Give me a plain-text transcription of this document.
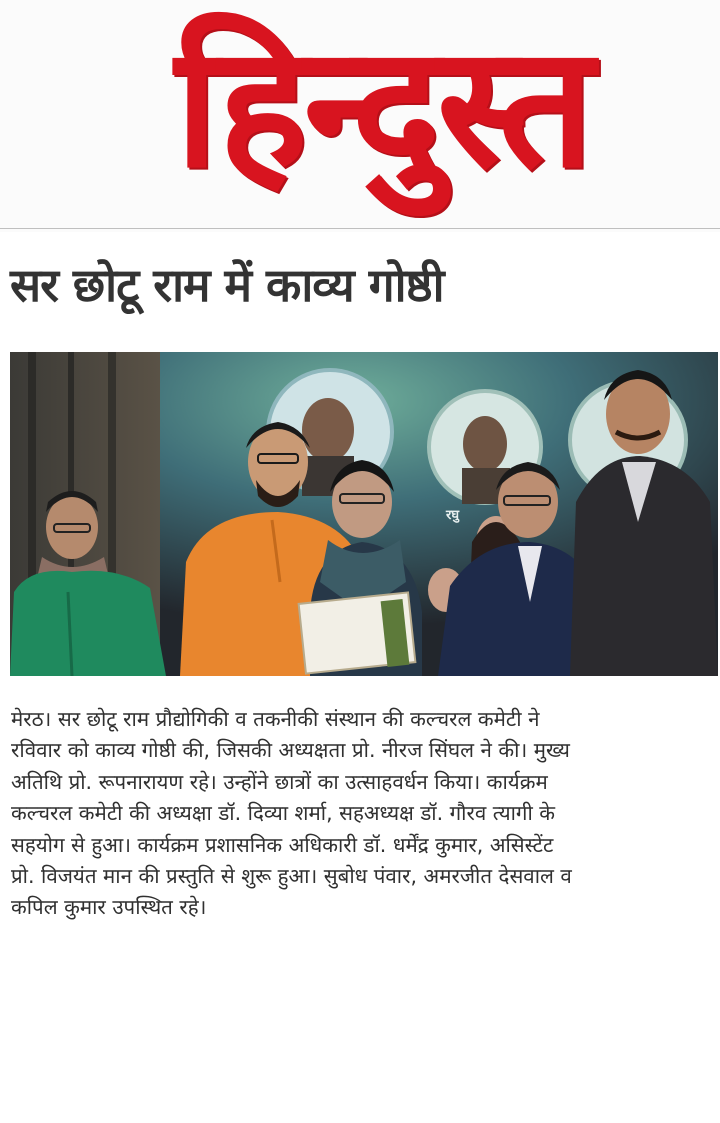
हिन्दुस्त
सर छोटू राम में काव्य गोष्ठी
रघु
मेरठ। सर छोटू राम प्रौद्योगिकी व तकनीकी संस्थान की कल्चरल कमेटी ने
रविवार को काव्य गोष्ठी की, जिसकी अध्यक्षता प्रो. नीरज सिंघल ने की। मुख्य
अतिथि प्रो. रूपनारायण रहे। उन्होंने छात्रों का उत्साहवर्धन किया। कार्यक्रम
कल्चरल कमेटी की अध्यक्षा डॉ. दिव्या शर्मा, सहअध्यक्ष डॉ. गौरव त्यागी के
सहयोग से हुआ। कार्यक्रम प्रशासनिक अधिकारी डॉ. धर्मेंद्र कुमार, असिस्टेंट
प्रो. विजयंत मान की प्रस्तुति से शुरू हुआ। सुबोध पंवार, अमरजीत देसवाल व
कपिल कुमार उपस्थित रहे।
